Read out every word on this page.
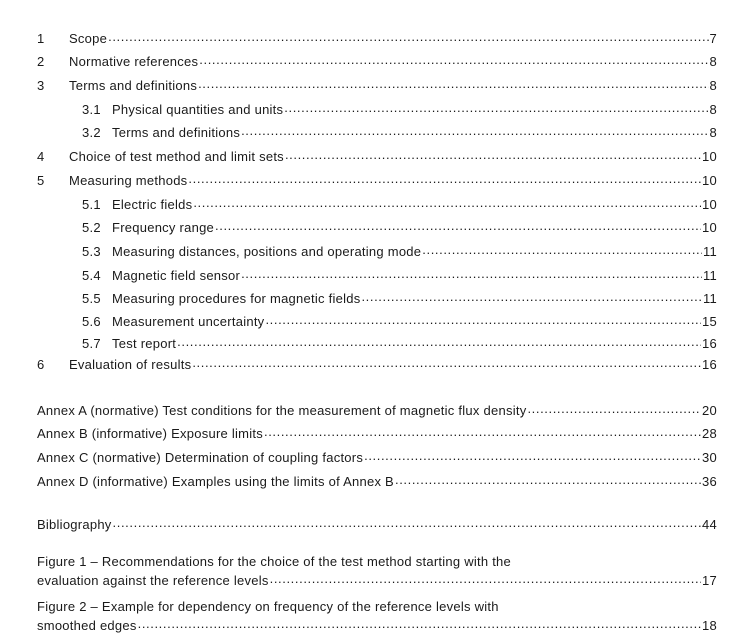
1	Scope .....	7
2	Normative references .....	8
3	Terms and definitions .....	8
3.1 Physical quantities and units .....	8
3.2 Terms and definitions .....	8
4	Choice of test method and limit sets .....	10
5	Measuring methods .....	10
5.1 Electric fields .....	10
5.2 Frequency range .....	10
5.3 Measuring distances, positions and operating mode .....	11
5.4 Magnetic field sensor .....	11
5.5 Measuring procedures for magnetic fields .....	11
5.6 Measurement uncertainty .....	15
5.7 Test report .....	16
6	Evaluation of results .....	16
Annex A (normative) Test conditions for the measurement of magnetic flux density .....	20
Annex B (informative) Exposure limits .....	28
Annex C (normative) Determination of coupling factors .....	30
Annex D (informative) Examples using the limits of Annex B .....	36
Bibliography .....	44
Figure 1 – Recommendations for the choice of the test method starting with the
evaluation against the reference levels .....	17
Figure 2 – Example for dependency on frequency of the reference levels with
smoothed edges .....	18
